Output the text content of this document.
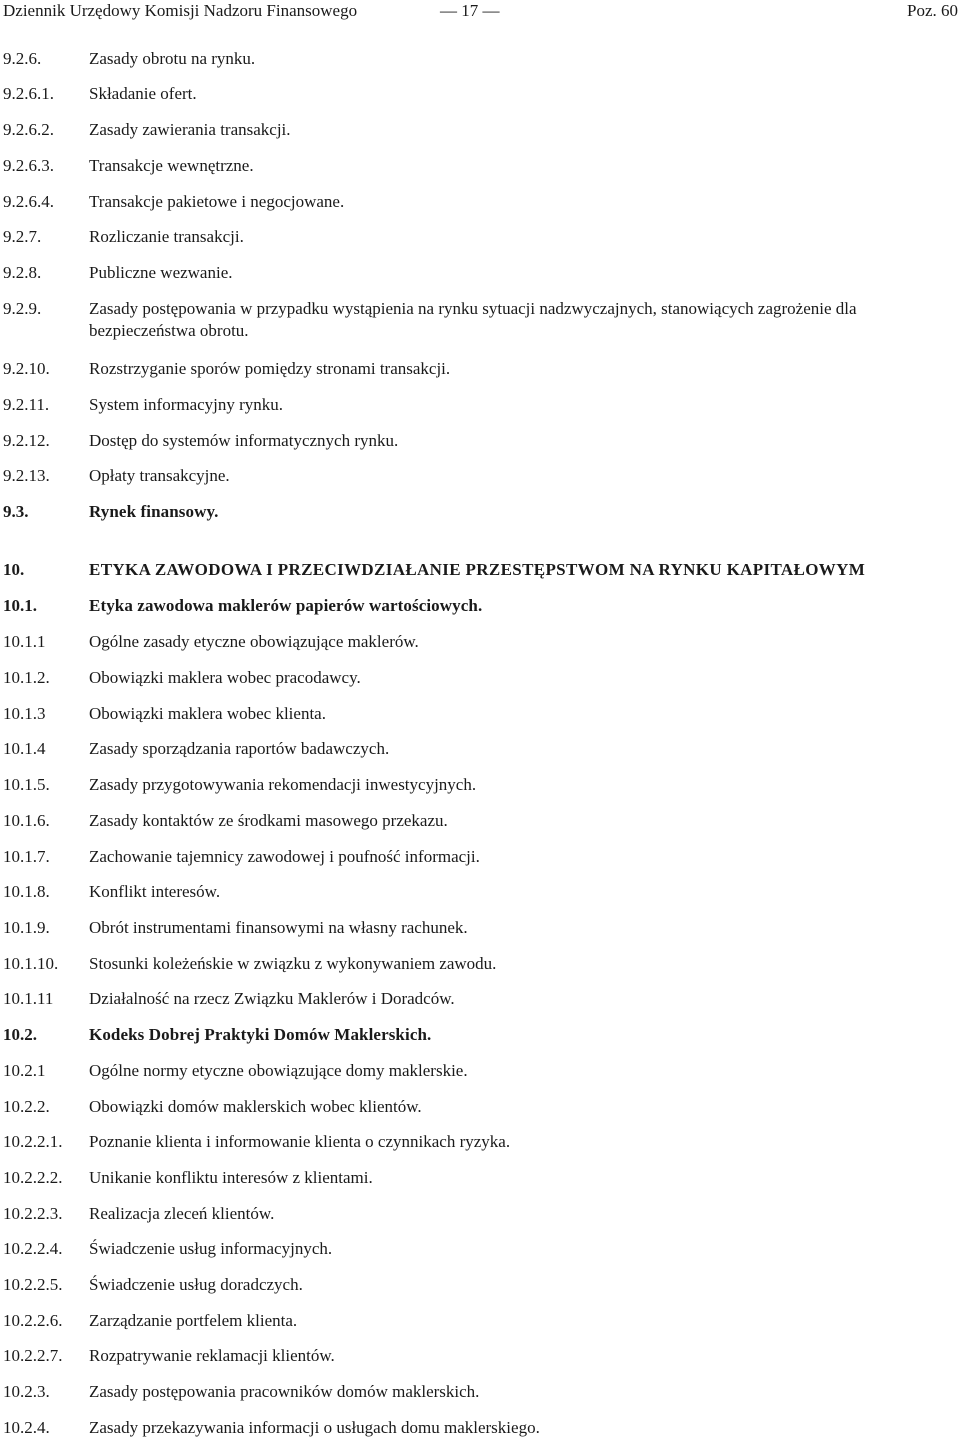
Dziennik Urzędowy Komisji Nadzoru Finansowego	— 17 —	Poz. 60
9.2.6.	Zasady obrotu na rynku.
9.2.6.1. Składanie ofert.
9.2.6.2. Zasady zawierania transakcji.
9.2.6.3. Transakcje wewnętrzne.
9.2.6.4. Transakcje pakietowe i negocjowane.
9.2.7.	Rozliczanie transakcji.
9.2.8.	Publiczne wezwanie.
9.2.9.	Zasady postępowania w przypadku wystąpienia na rynku sytuacji nadzwyczajnych, stanowiących zagrożenie dla bezpieczeństwa obrotu.
9.2.10. Rozstrzyganie sporów pomiędzy stronami transakcji.
9.2.11. System informacyjny rynku.
9.2.12. Dostęp do systemów informatycznych rynku.
9.2.13. Opłaty transakcyjne.
9.3.	Rynek finansowy.
10.	ETYKA ZAWODOWA I PRZECIWDZIAŁANIE PRZESTĘPSTWOM NA RYNKU KAPITAŁOWYM
10.1.	Etyka zawodowa maklerów papierów wartościowych.
10.1.1	Ogólne zasady etyczne obowiązujące maklerów.
10.1.2. Obowiązki maklera wobec pracodawcy.
10.1.3	Obowiązki maklera wobec klienta.
10.1.4	Zasady sporządzania raportów badawczych.
10.1.5. Zasady przygotowywania rekomendacji inwestycyjnych.
10.1.6. Zasady kontaktów ze środkami masowego przekazu.
10.1.7. Zachowanie tajemnicy zawodowej i poufność informacji.
10.1.8. Konflikt interesów.
10.1.9. Obrót instrumentami finansowymi na własny rachunek.
10.1.10. Stosunki koleżeńskie w związku z wykonywaniem zawodu.
10.1.11 Działalność na rzecz Związku Maklerów i Doradców.
10.2.	Kodeks Dobrej Praktyki Domów Maklerskich.
10.2.1	Ogólne normy etyczne obowiązujące domy maklerskie.
10.2.2. Obowiązki domów maklerskich wobec klientów.
10.2.2.1. Poznanie klienta i informowanie klienta o czynnikach ryzyka.
10.2.2.2. Unikanie konfliktu interesów z klientami.
10.2.2.3. Realizacja zleceń klientów.
10.2.2.4. Świadczenie usług informacyjnych.
10.2.2.5. Świadczenie usług doradczych.
10.2.2.6. Zarządzanie portfelem klienta.
10.2.2.7. Rozpatrywanie reklamacji klientów.
10.2.3. Zasady postępowania pracowników domów maklerskich.
10.2.4. Zasady przekazywania informacji o usługach domu maklerskiego.
